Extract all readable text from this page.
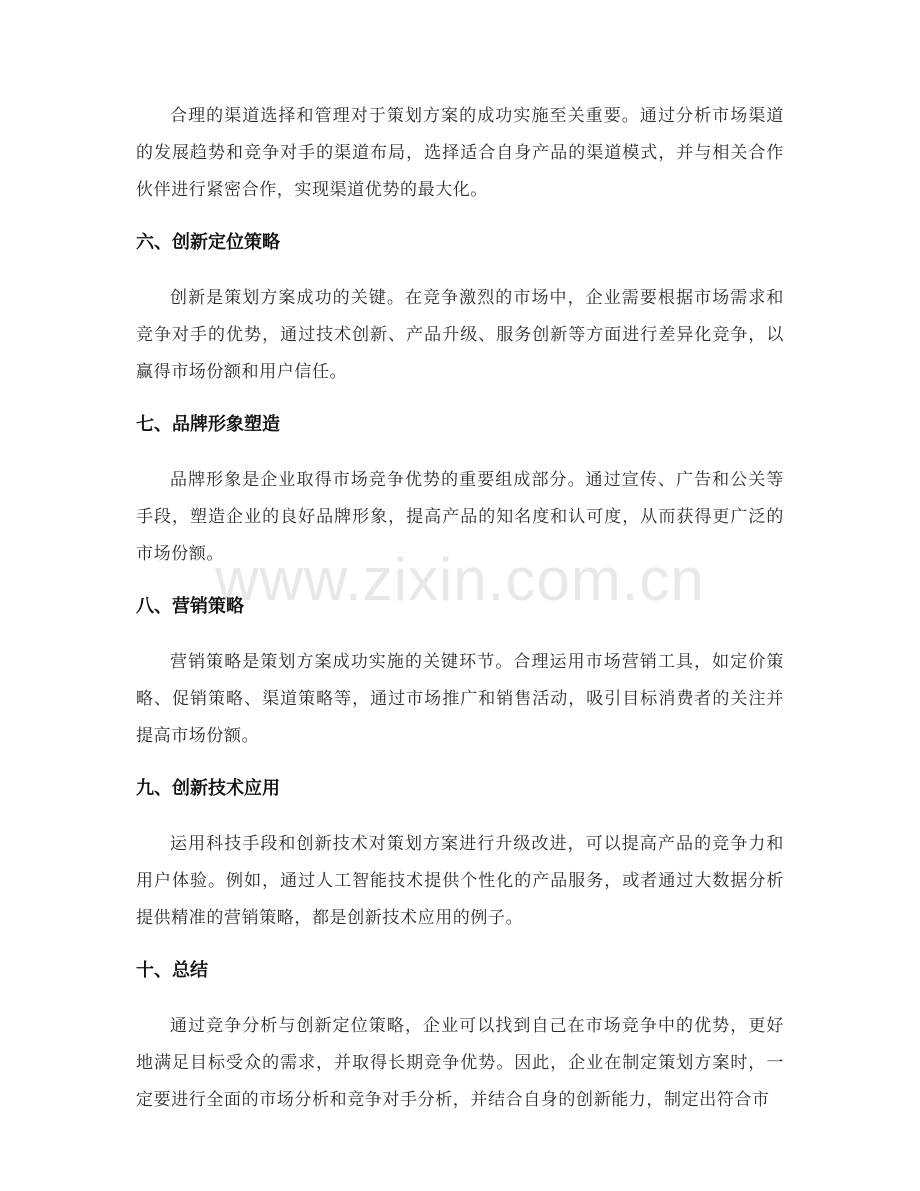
合理的渠道选择和管理对于策划方案的成功实施至关重要。通过分析市场渠道的发展趋势和竞争对手的渠道布局，选择适合自身产品的渠道模式，并与相关合作伙伴进行紧密合作，实现渠道优势的最大化。

六、创新定位策略

创新是策划方案成功的关键。在竞争激烈的市场中，企业需要根据市场需求和竞争对手的优势，通过技术创新、产品升级、服务创新等方面进行差异化竞争，以赢得市场份额和用户信任。

七、品牌形象塑造

品牌形象是企业取得市场竞争优势的重要组成部分。通过宣传、广告和公关等手段，塑造企业的良好品牌形象，提高产品的知名度和认可度，从而获得更广泛的市场份额。

八、营销策略

营销策略是策划方案成功实施的关键环节。合理运用市场营销工具，如定价策略、促销策略、渠道策略等，通过市场推广和销售活动，吸引目标消费者的关注并提高市场份额。

九、创新技术应用

运用科技手段和创新技术对策划方案进行升级改进，可以提高产品的竞争力和用户体验。例如，通过人工智能技术提供个性化的产品服务，或者通过大数据分析提供精准的营销策略，都是创新技术应用的例子。

十、总结

通过竞争分析与创新定位策略，企业可以找到自己在市场竞争中的优势，更好地满足目标受众的需求，并取得长期竞争优势。因此，企业在制定策划方案时，一定要进行全面的市场分析和竞争对手分析，并结合自身的创新能力，制定出符合市

www.zixin.com.cn
